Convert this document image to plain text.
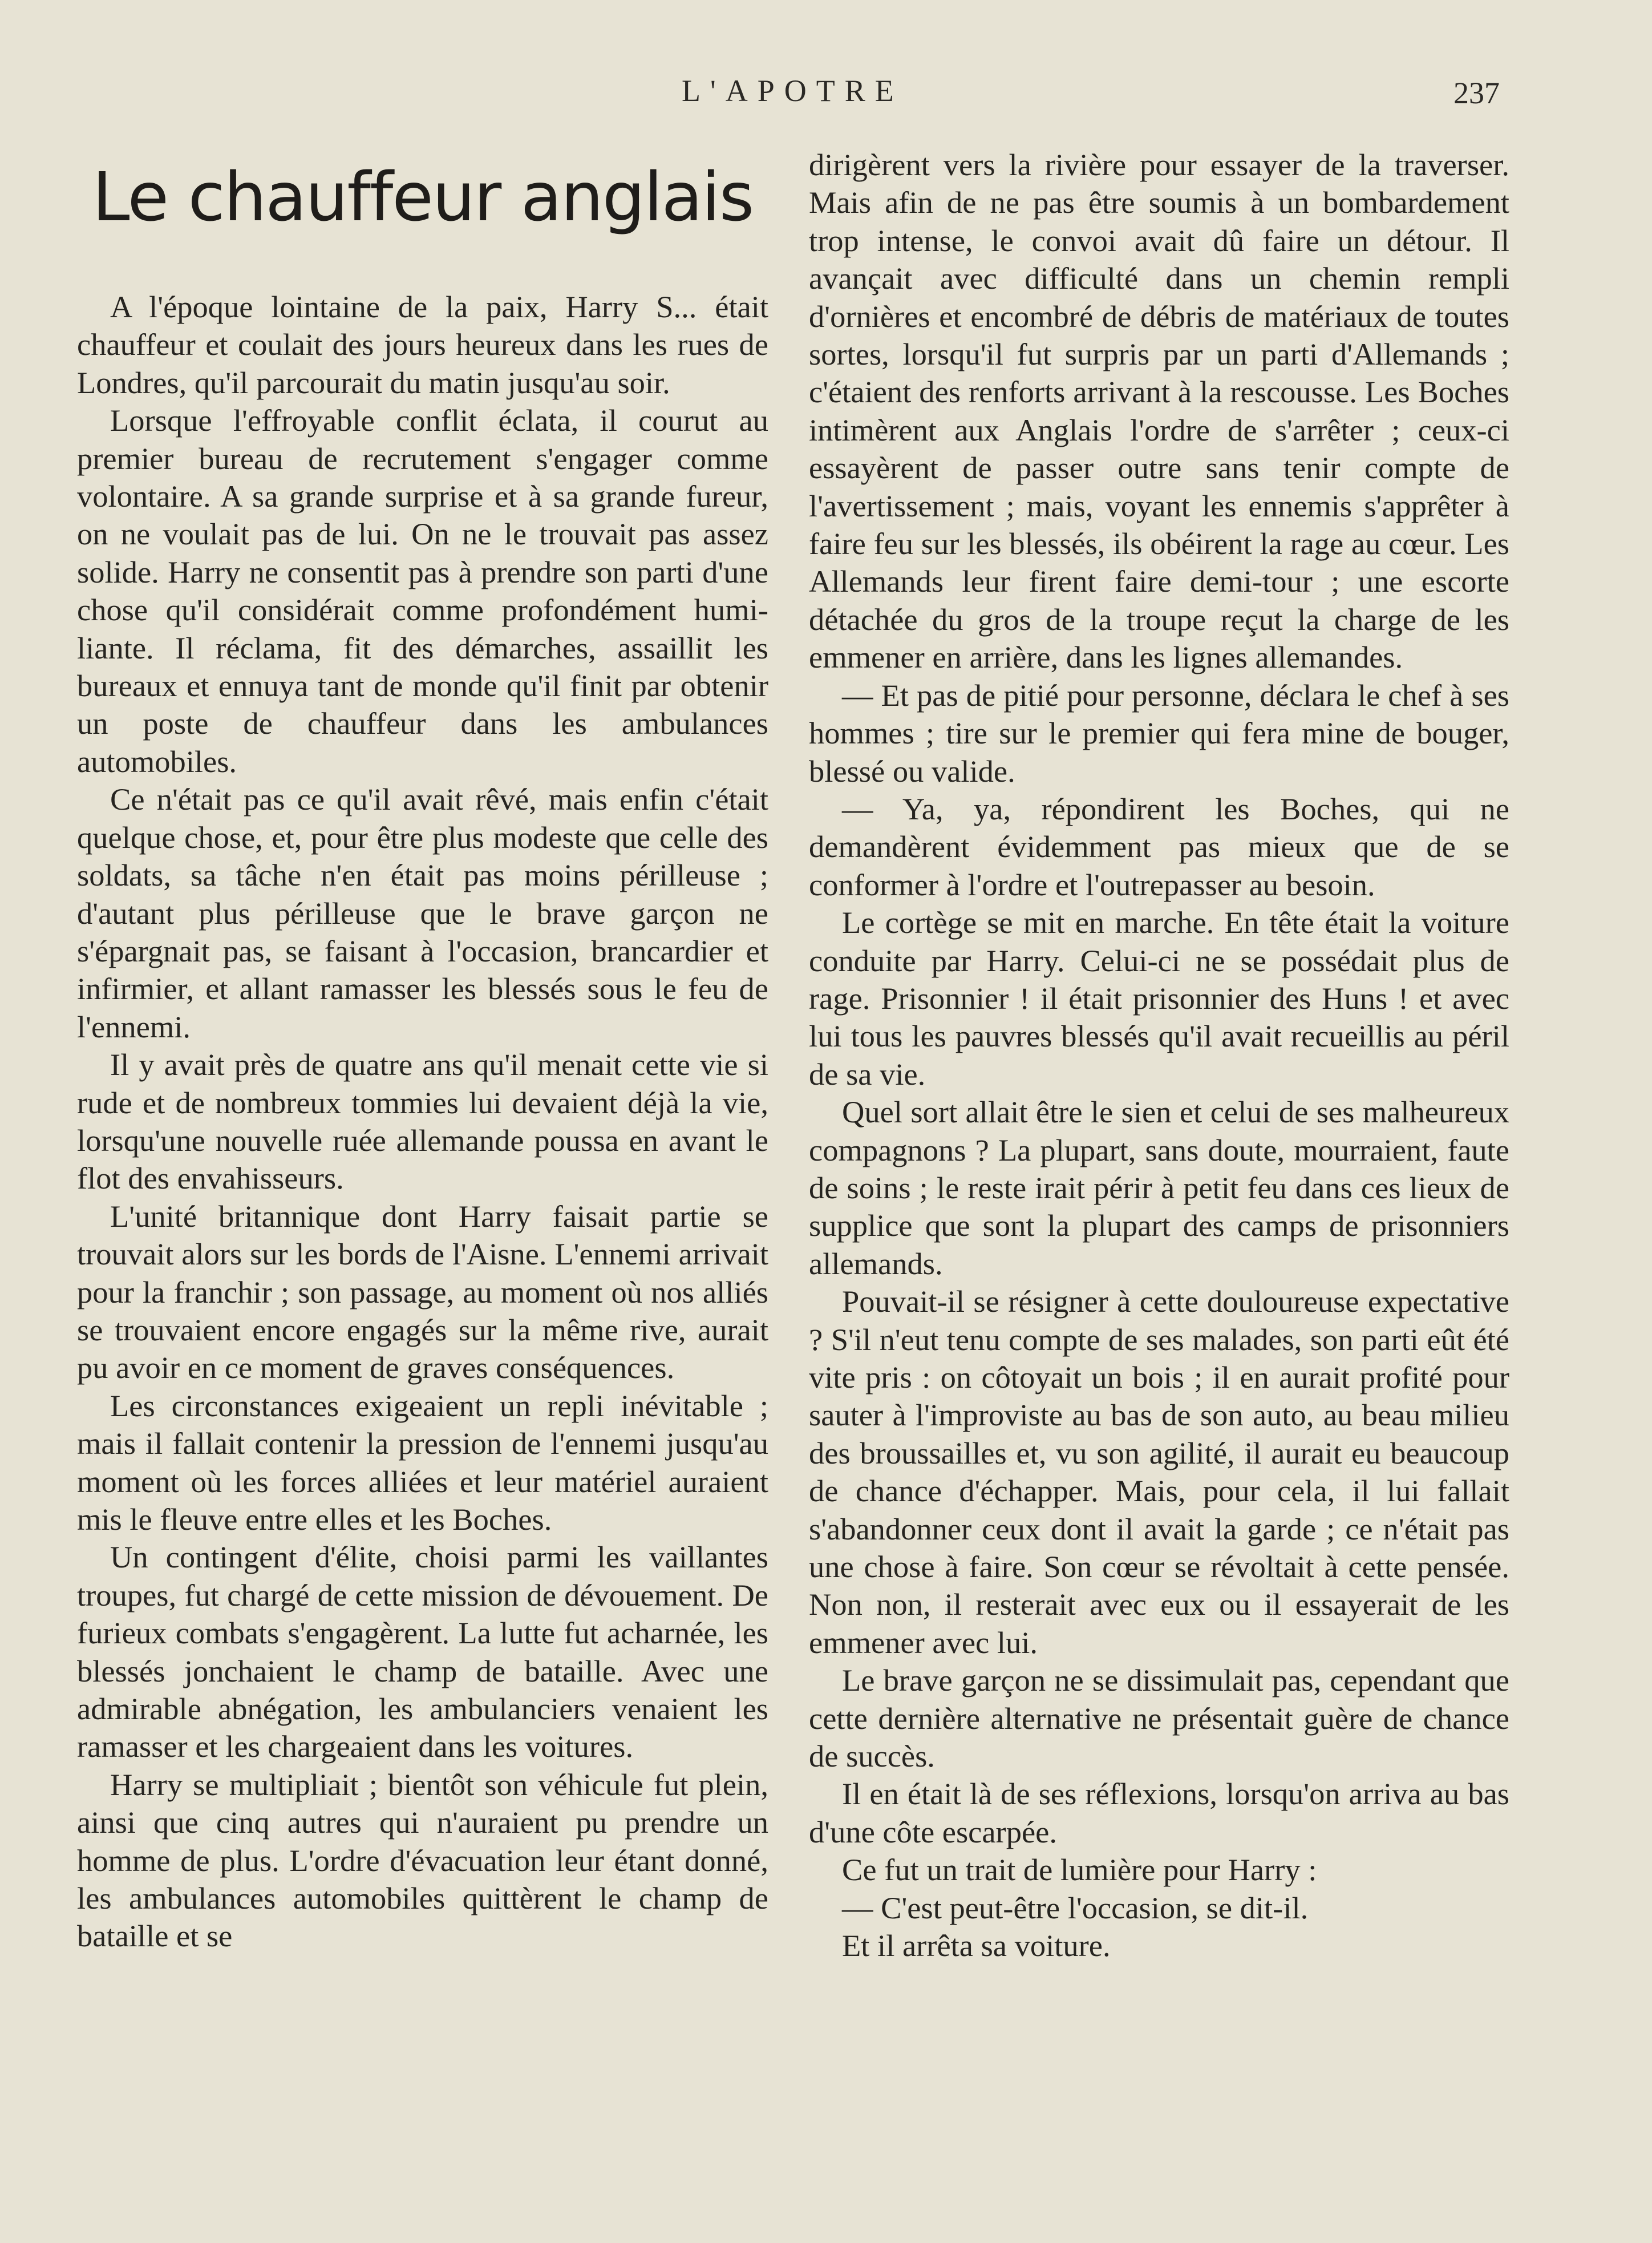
L'APOTRE	237
Le chauffeur anglais

A l'époque lointaine de la paix, Harry S... était chauffeur et coulait des jours heureux dans les rues de Londres, qu'il parcourait du matin jusqu'au soir.

Lorsque l'effroyable conflit éclata, il courut au premier bureau de recrutement s'engager comme volontaire. A sa grande surprise et à sa grande fureur, on ne voulait pas de lui. On ne le trouvait pas assez solide. Harry ne consentit pas à prendre son parti d'une chose qu'il considérait comme profondément humiliante. Il réclama, fit des démarches, assaillit les bureaux et ennuya tant de monde qu'il finit par obtenir un poste de chauffeur dans les ambulances automobiles.

Ce n'était pas ce qu'il avait rêvé, mais enfin c'était quelque chose, et, pour être plus modeste que celle des soldats, sa tâche n'en était pas moins périlleuse ; d'autant plus périlleuse que le brave garçon ne s'épargnait pas, se faisant à l'occasion, brancardier et infirmier, et allant ramasser les blessés sous le feu de l'ennemi.

Il y avait près de quatre ans qu'il menait cette vie si rude et de nombreux tommies lui devaient déjà la vie, lorsqu'une nouvelle ruée allemande poussa en avant le flot des envahisseurs.

L'unité britannique dont Harry faisait partie se trouvait alors sur les bords de l'Aisne. L'ennemi arrivait pour la franchir ; son passage, au moment où nos alliés se trouvaient encore engagés sur la même rive, aurait pu avoir en ce moment de graves conséquences.

Les circonstances exigeaient un repli inévitable ; mais il fallait contenir la pression de l'ennemi jusqu'au moment où les forces alliées et leur matériel auraient mis le fleuve entre elles et les Boches.

Un contingent d'élite, choisi parmi les vaillantes troupes, fut chargé de cette mission de dévouement. De furieux combats s'engagèrent. La lutte fut acharnée, les blessés jonchaient le champ de bataille. Avec une admirable abnégation, les ambulanciers venaient les ramasser et les chargeaient dans les voitures.

Harry se multipliait ; bientôt son véhicule fut plein, ainsi que cinq autres qui n'auraient pu prendre un homme de plus. L'ordre d'évacuation leur étant donné, les ambulances automobiles quittèrent le champ de bataille et se

dirigèrent vers la rivière pour essayer de la traverser. Mais afin de ne pas être soumis à un bombardement trop intense, le convoi avait dû faire un détour. Il avançait avec difficulté dans un chemin rempli d'ornières et encombré de débris de matériaux de toutes sortes, lorsqu'il fut surpris par un parti d'Allemands ; c'étaient des renforts arrivant à la rescousse. Les Boches intimèrent aux Anglais l'ordre de s'arrêter ; ceux-ci essayèrent de passer outre sans tenir compte de l'avertissement ; mais, voyant les ennemis s'apprêter à faire feu sur les blessés, ils obéirent la rage au cœur. Les Allemands leur firent faire demi-tour ; une escorte détachée du gros de la troupe reçut la charge de les emmener en arrière, dans les lignes allemandes.

— Et pas de pitié pour personne, déclara le chef à ses hommes ; tire sur le premier qui fera mine de bouger, blessé ou valide.

— Ya, ya, répondirent les Boches, qui ne demandèrent évidemment pas mieux que de se conformer à l'ordre et l'outrepasser au besoin.

Le cortège se mit en marche. En tête était la voiture conduite par Harry. Celui-ci ne se possédait plus de rage. Prisonnier ! il était prisonnier des Huns ! et avec lui tous les pauvres blessés qu'il avait recueillis au péril de sa vie.

Quel sort allait être le sien et celui de ses malheureux compagnons ? La plupart, sans doute, mourraient, faute de soins ; le reste irait périr à petit feu dans ces lieux de supplice que sont la plupart des camps de prisonniers allemands.

Pouvait-il se résigner à cette douloureuse expectative ? S'il n'eut tenu compte de ses malades, son parti eût été vite pris : on côtoyait un bois ; il en aurait profité pour sauter à l'improviste au bas de son auto, au beau milieu des broussailles et, vu son agilité, il aurait eu beaucoup de chance d'échapper. Mais, pour cela, il lui fallait s'abandonner ceux dont il avait la garde ; ce n'était pas une chose à faire. Son cœur se révoltait à cette pensée. Non non, il resterait avec eux ou il essayerait de les emmener avec lui.

Le brave garçon ne se dissimulait pas, cependant que cette dernière alternative ne présentait guère de chance de succès.

Il en était là de ses réflexions, lorsqu'on arriva au bas d'une côte escarpée.

Ce fut un trait de lumière pour Harry :

— C'est peut-être l'occasion, se dit-il.

Et il arrêta sa voiture.
